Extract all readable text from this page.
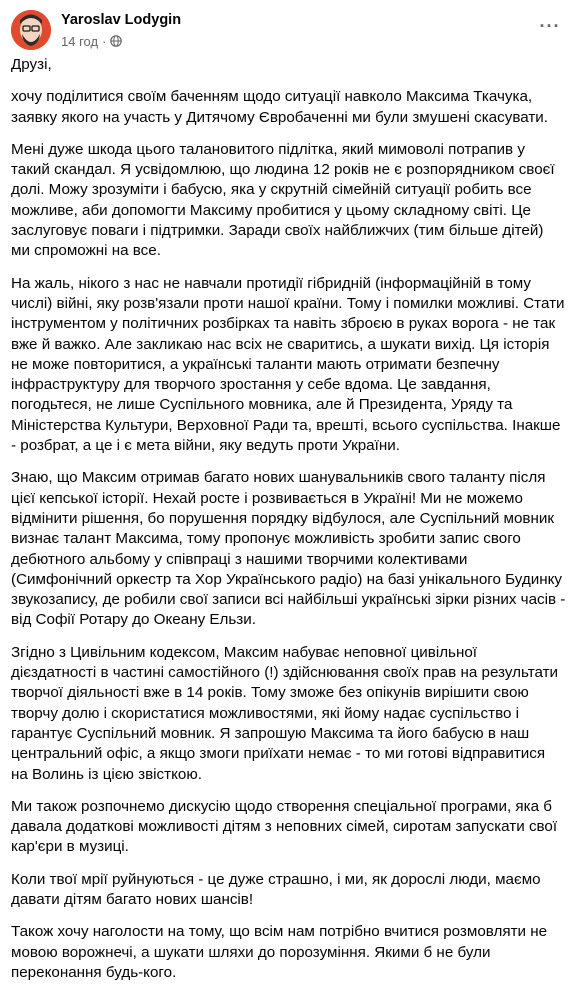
Yaroslav Lodygin
14 год ·
···

Друзі,

хочу поділитися своїм баченням щодо ситуації навколо Максима Ткачука, заявку якого на участь у Дитячому Євробаченні ми були змушені скасувати.

Мені дуже шкода цього талановитого підлітка, який мимоволі потрапив у такий скандал. Я усвідомлюю, що людина 12 років не є розпорядником своєї долі. Можу зрозуміти і бабусю, яка у скрутній сімейній ситуації робить все можливе, аби допомогти Максиму пробитися у цьому складному світі. Це заслуговує поваги і підтримки. Заради своїх найближчих (тим більше дітей) ми спроможні на все.

На жаль, нікого з нас не навчали протидії гібридній (інформаційній в тому числі) війні, яку розв'язали проти нашої країни. Тому і помилки можливі. Стати інструментом у політичних розбірках та навіть зброєю в руках ворога - не так вже й важко. Але закликаю нас всіх не сваритись, а шукати вихід. Ця історія не може повторитися, а українські таланти мають отримати безпечну інфраструктуру для творчого зростання у себе вдома. Це завдання, погодьтеся, не лише Суспільного мовника, але й Президента, Уряду та Міністерства Культури, Верховної Ради та, врешті, всього суспільства. Інакше - розбрат, а це і є мета війни, яку ведуть проти України.

Знаю, що Максим отримав багато нових шанувальників свого таланту після цієї кепської історії. Нехай росте і розвивається в Україні! Ми не можемо відмінити рішення, бо порушення порядку відбулося, але Суспільний мовник визнає талант Максима, тому пропонує можливість зробити запис свого дебютного альбому у співпраці з нашими творчими колективами (Симфонічний оркестр та Хор Українського радіо) на базі унікального Будинку звукозапису, де робили свої записи всі найбільші українські зірки різних часів - від Софії Ротару до Океану Ельзи.

Згідно з Цивільним кодексом, Максим набуває неповної цивільної дієздатності в частині самостійного (!) здійснювання своїх прав на результати творчої діяльності вже в 14 років. Тому зможе без опікунів вирішити свою творчу долю і скористатися можливостями, які йому надає суспільство і гарантує Суспільний мовник. Я запрошую Максима та його бабусю в наш центральний офіс, а якщо змоги приїхати немає - то ми готові відправитися на Волинь із цією звісткою.

Ми також розпочнемо дискусію щодо створення спеціальної програми, яка б давала додаткові можливості дітям з неповних сімей, сиротам запускати свої кар'єри в музиці.

Коли твої мрії руйнуються - це дуже страшно, і ми, як дорослі люди, маємо давати дітям багато нових шансів!

Також хочу наголости на тому, що всім нам потрібно вчитися розмовляти не мовою ворожнечі, а шукати шляхи до порозуміння. Якими б не були переконання будь-кого.
